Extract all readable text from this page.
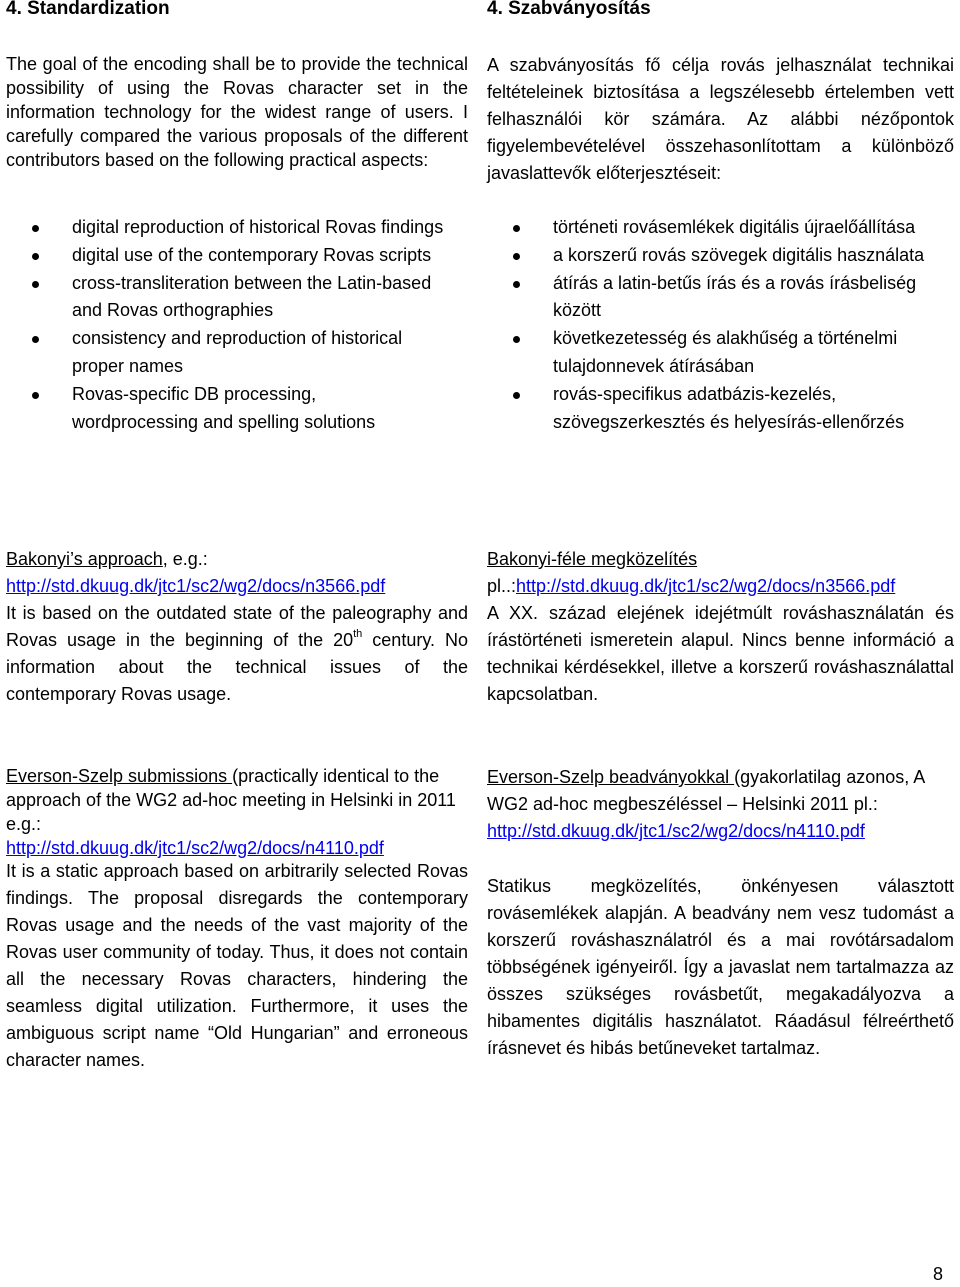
4. Standardization

The goal of the encoding shall be to provide the technical possibility of using the Rovas character set in the information technology for the widest range of users. I carefully compared the various proposals of the different contributors based on the following practical aspects:

digital reproduction of historical Rovas findings
digital use of the contemporary Rovas scripts
cross-transliteration between the Latin-based and Rovas orthographies
consistency and reproduction of historical proper names
Rovas-specific DB processing, wordprocessing and spelling solutions
Bakonyi’s approach, e.g.:
http://std.dkuug.dk/jtc1/sc2/wg2/docs/n3566.pdf
It is based on the outdated state of the paleography and Rovas usage in the beginning of the 20th century. No information about the technical issues of the contemporary Rovas usage.
Everson-Szelp submissions (practically identical to the approach of the WG2 ad-hoc meeting in Helsinki in 2011 e.g.:
http://std.dkuug.dk/jtc1/sc2/wg2/docs/n4110.pdf

It is a static approach based on arbitrarily selected Rovas findings. The proposal disregards the contemporary Rovas usage and the needs of the vast majority of the Rovas user community of today. Thus, it does not contain all the necessary Rovas characters, hindering the seamless digital utilization. Furthermore, it uses the ambiguous script name “Old Hungarian” and erroneous character names.

4. Szabványosítás

A szabványosítás fő célja rovás jelhasználat technikai feltételeinek biztosítása a legszélesebb értelemben vett felhasználói kör számára. Az alábbi nézőpontok figyelembevételével összehasonlítottam a különböző javaslattevők előterjesztéseit:

történeti rovásemlékek digitális újraelőállítása
a korszerű rovás szövegek digitális használata
átírás a latin-betűs írás és a rovás írásbeliség között
következetesség és alakhűség a történelmi tulajdonnevek átírásában
rovás-specifikus adatbázis-kezelés, szövegszerkesztés és helyesírás-ellenőrzés
Bakonyi-féle megközelítés
pl..:http://std.dkuug.dk/jtc1/sc2/wg2/docs/n3566.pdf
A XX. század elejének idejétmúlt rováshasználatán és írástörténeti ismeretein alapul. Nincs benne információ a technikai kérdésekkel, illetve a korszerű rováshasználattal kapcsolatban.
Everson-Szelp beadványokkal (gyakorlatilag azonos, A WG2 ad-hoc megbeszéléssel – Helsinki 2011 pl.:
http://std.dkuug.dk/jtc1/sc2/wg2/docs/n4110.pdf

Statikus megközelítés, önkényesen választott rovásemlékek alapján. A beadvány nem vesz tudomást a korszerű rováshasználatról és a mai rovótársadalom többségének igényeiről. Így a javaslat nem tartalmazza az összes szükséges rovásbetűt, megakadályozva a hibamentes digitális használatot. Ráadásul félreérthető írásnevet és hibás betűneveket tartalmaz.

8
